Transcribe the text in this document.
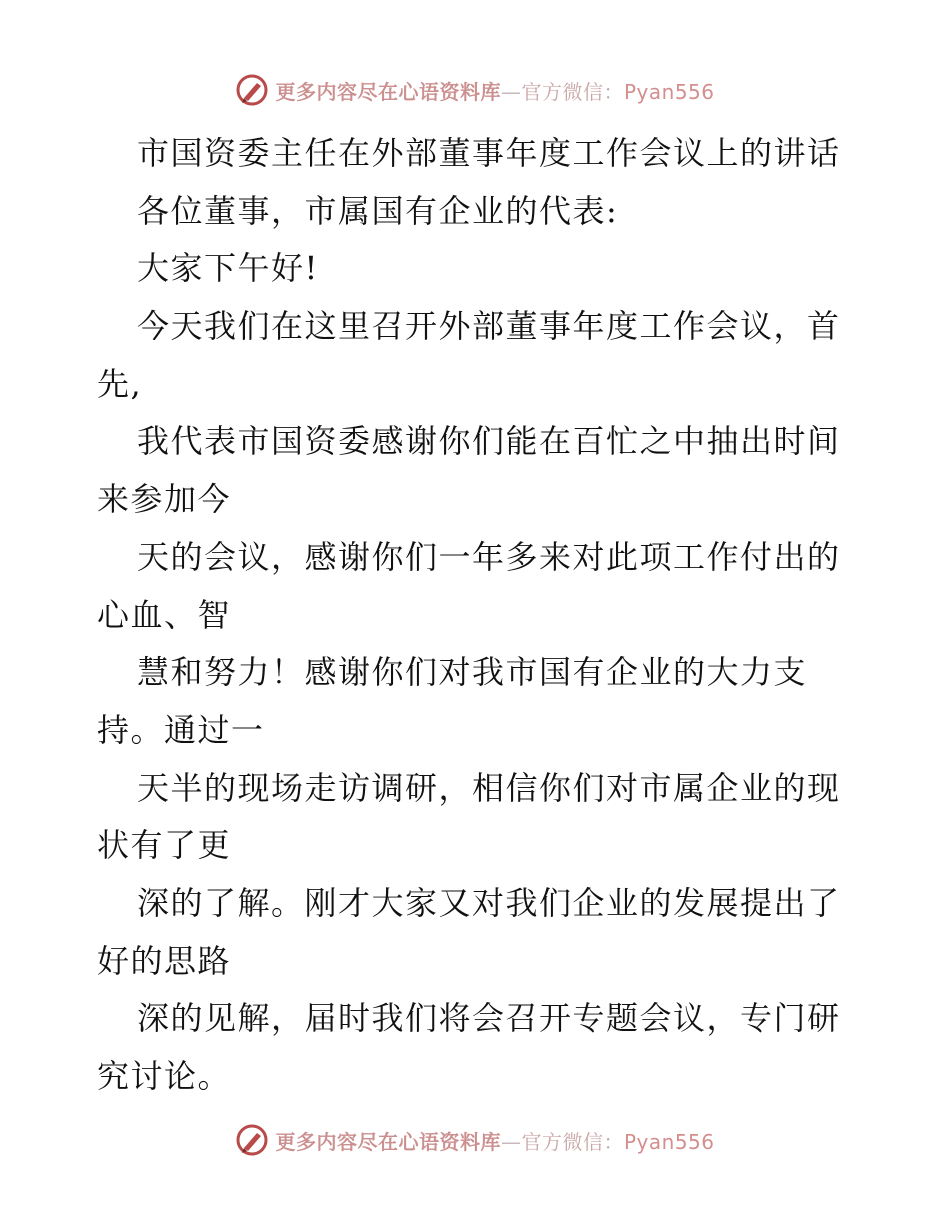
更多内容尽在心语资料库—官方微信：Pyan556
市国资委主任在外部董事年度工作会议上的讲话
各位董事，市属国有企业的代表:
大家下午好!
今天我们在这里召开外部董事年度工作会议，首
先,
我代表市国资委感谢你们能在百忙之中抽出时间
来参加今
天的会议，感谢你们一年多来对此项工作付出的
心血、智
慧和努力！感谢你们对我市国有企业的大力支
持。通过一
天半的现场走访调研，相信你们对市属企业的现
状有了更
深的了解。刚才大家又对我们企业的发展提出了
好的思路
深的见解，届时我们将会召开专题会议，专门研
究讨论。
更多内容尽在心语资料库—官方微信：Pyan556
